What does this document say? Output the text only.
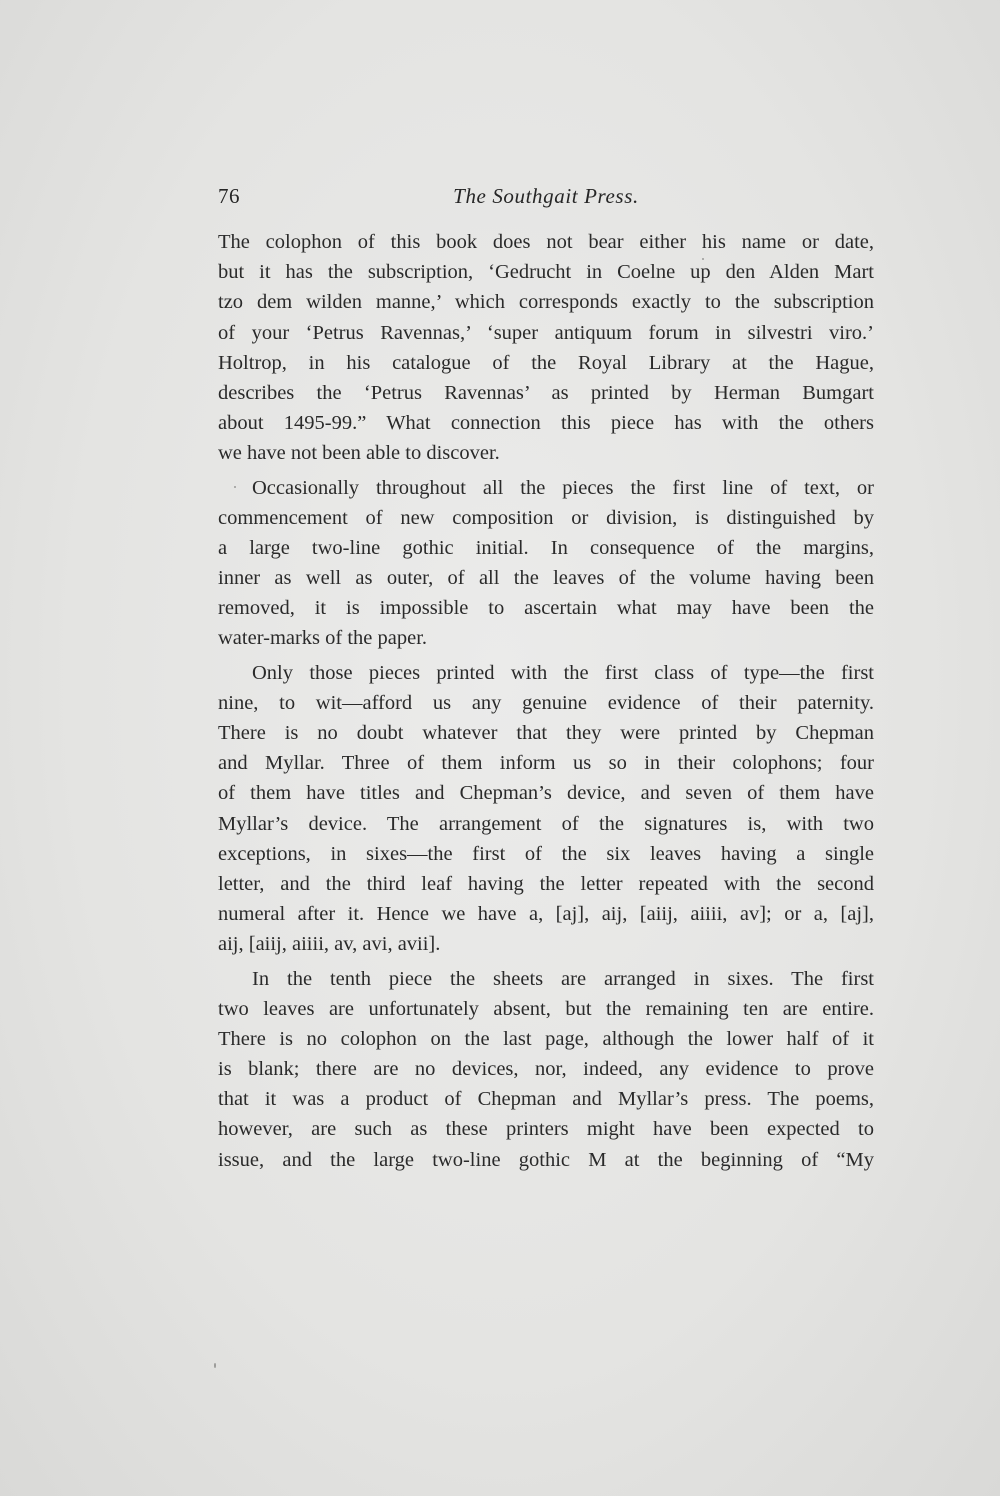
76	The Southgait Press.
The colophon of this book does not bear either his name or date,
but it has the subscription, ‘Gedrucht in Coelne up den Alden Mart
tzo dem wilden manne,’ which corresponds exactly to the subscription
of your ‘Petrus Ravennas,’ ‘super antiquum forum in silvestri viro.’
Holtrop, in his catalogue of the Royal Library at the Hague,
describes the ‘Petrus Ravennas’ as printed by Herman Bumgart
about 1495-99.” What connection this piece has with the others
we have not been able to discover.
Occasionally throughout all the pieces the first line of text, or
commencement of new composition or division, is distinguished by
a large two-line gothic initial. In consequence of the margins,
inner as well as outer, of all the leaves of the volume having been
removed, it is impossible to ascertain what may have been the
water-marks of the paper.
Only those pieces printed with the first class of type—the first
nine, to wit—afford us any genuine evidence of their paternity.
There is no doubt whatever that they were printed by Chepman
and Myllar. Three of them inform us so in their colophons; four
of them have titles and Chepman’s device, and seven of them have
Myllar’s device. The arrangement of the signatures is, with two
exceptions, in sixes—the first of the six leaves having a single
letter, and the third leaf having the letter repeated with the second
numeral after it. Hence we have a, [aj], aij, [aiij, aiiii, av]; or a, [aj],
aij, [aiij, aiiii, av, avi, avii].
In the tenth piece the sheets are arranged in sixes. The first
two leaves are unfortunately absent, but the remaining ten are entire.
There is no colophon on the last page, although the lower half of it
is blank; there are no devices, nor, indeed, any evidence to prove
that it was a product of Chepman and Myllar’s press. The poems,
however, are such as these printers might have been expected to
issue, and the large two-line gothic M at the beginning of “My
